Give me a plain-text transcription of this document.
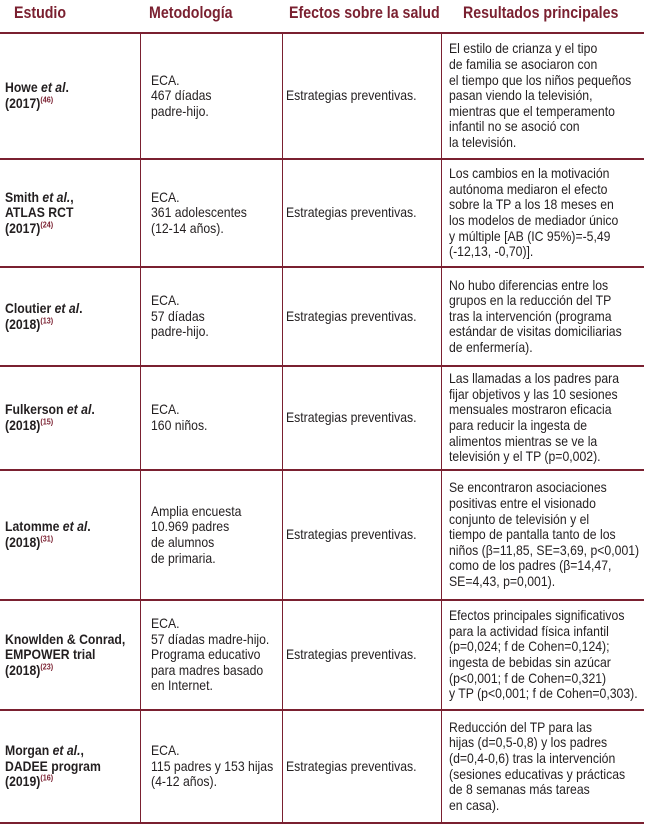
Estudio	Metodología	Efectos sobre la salud Resultados principales
Howe et al.
$(2017)^{(46)}$
ECA.
467 díadas
padre-hijo.
Estrategias preventivas.
El estilo de crianza y el tipo
de familia se asociaron con
el tiempo que los niños pequeños
pasan viendo la televisión,
mientras que el temperamento
infantil no se asoció con
la televisión.
Smith et al.,
ATLAS RCT
$(2017)^{(24)}$
ECA.
361 adolescentes
(12-14 años).
Estrategias preventivas.
Los cambios en la motivación
autónoma mediaron el efecto
sobre la TP a los 18 meses en
los modelos de mediador único
y múltiple [AB (IC 95%)=-5,49
(-12,13, -0,70)].
Cloutier et al.
$(2018)^{(13)}$
ECA.
57 díadas
padre-hijo.
Estrategias preventivas.
No hubo diferencias entre los
grupos en la reducción del TP
tras la intervención (programa
estándar de visitas domiciliarias
de enfermería).
Fulkerson et al.
$(2018)^{(15)}$
ECA.
160 niños.
Estrategias preventivas.
Las llamadas a los padres para
fijar objetivos y las 10 sesiones
mensuales mostraron eficacia
para reducir la ingesta de
alimentos mientras se ve la
televisión y el TP (p=0,002).
Latomme et al.
$(2018)^{(31)}$
Amplia encuesta
10.969 padres
de alumnos
de primaria.
Estrategias preventivas.
Se encontraron asociaciones
positivas entre el visionado
conjunto de televisión y el
tiempo de pantalla tanto de los
niños (β=11,85, SE=3,69, p<0,001)
como de los padres (β=14,47,
SE=4,43, p=0,001).
Knowlden & Conrad,
EMPOWER trial
$(2018)^{(23)}$
ECA.
57 díadas madre-hijo.
Programa educativo
para madres basado
en Internet.
Estrategias preventivas.
Efectos principales significativos
para la actividad física infantil
(p=0,024; f de Cohen=0,124);
ingesta de bebidas sin azúcar
(p<0,001; f de Cohen=0,321)
y TP (p<0,001; f de Cohen=0,303).
Morgan et al.,
DADEE program
$(2019)^{(16)}$
ECA.
115 padres y 153 hijas
(4-12 años).
Estrategias preventivas.
Reducción del TP para las
hijas (d=0,5-0,8) y los padres
(d=0,4-0,6) tras la intervención
(sesiones educativas y prácticas
de 8 semanas más tareas
en casa).
